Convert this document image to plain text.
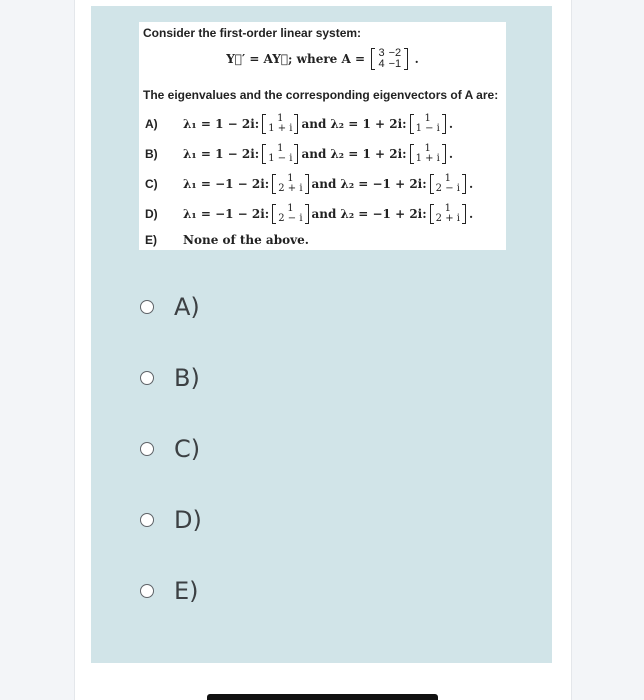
Consider the first-order linear system:
Y⃗′ = AY⃗; where A = 3	−2
4	−1 .
The eigenvalues and the corresponding eigenvectors of A are:
A)	λ₁ = 1 − 2i:	1
1 + i and λ₂ = 1 + 2i:	1
1 − i .
B)	λ₁ = 1 − 2i:	1
1 − i and λ₂ = 1 + 2i:	1
1 + i .
C)	λ₁ = −1 − 2i:	1
2 + i and λ₂ = −1 + 2i:	1
2 − i .
D)	λ₁ = −1 − 2i:	1
2 − i and λ₂ = −1 + 2i:	1
2 + i .
E)	None of the above.
A)
B)
C)
D)
E)
